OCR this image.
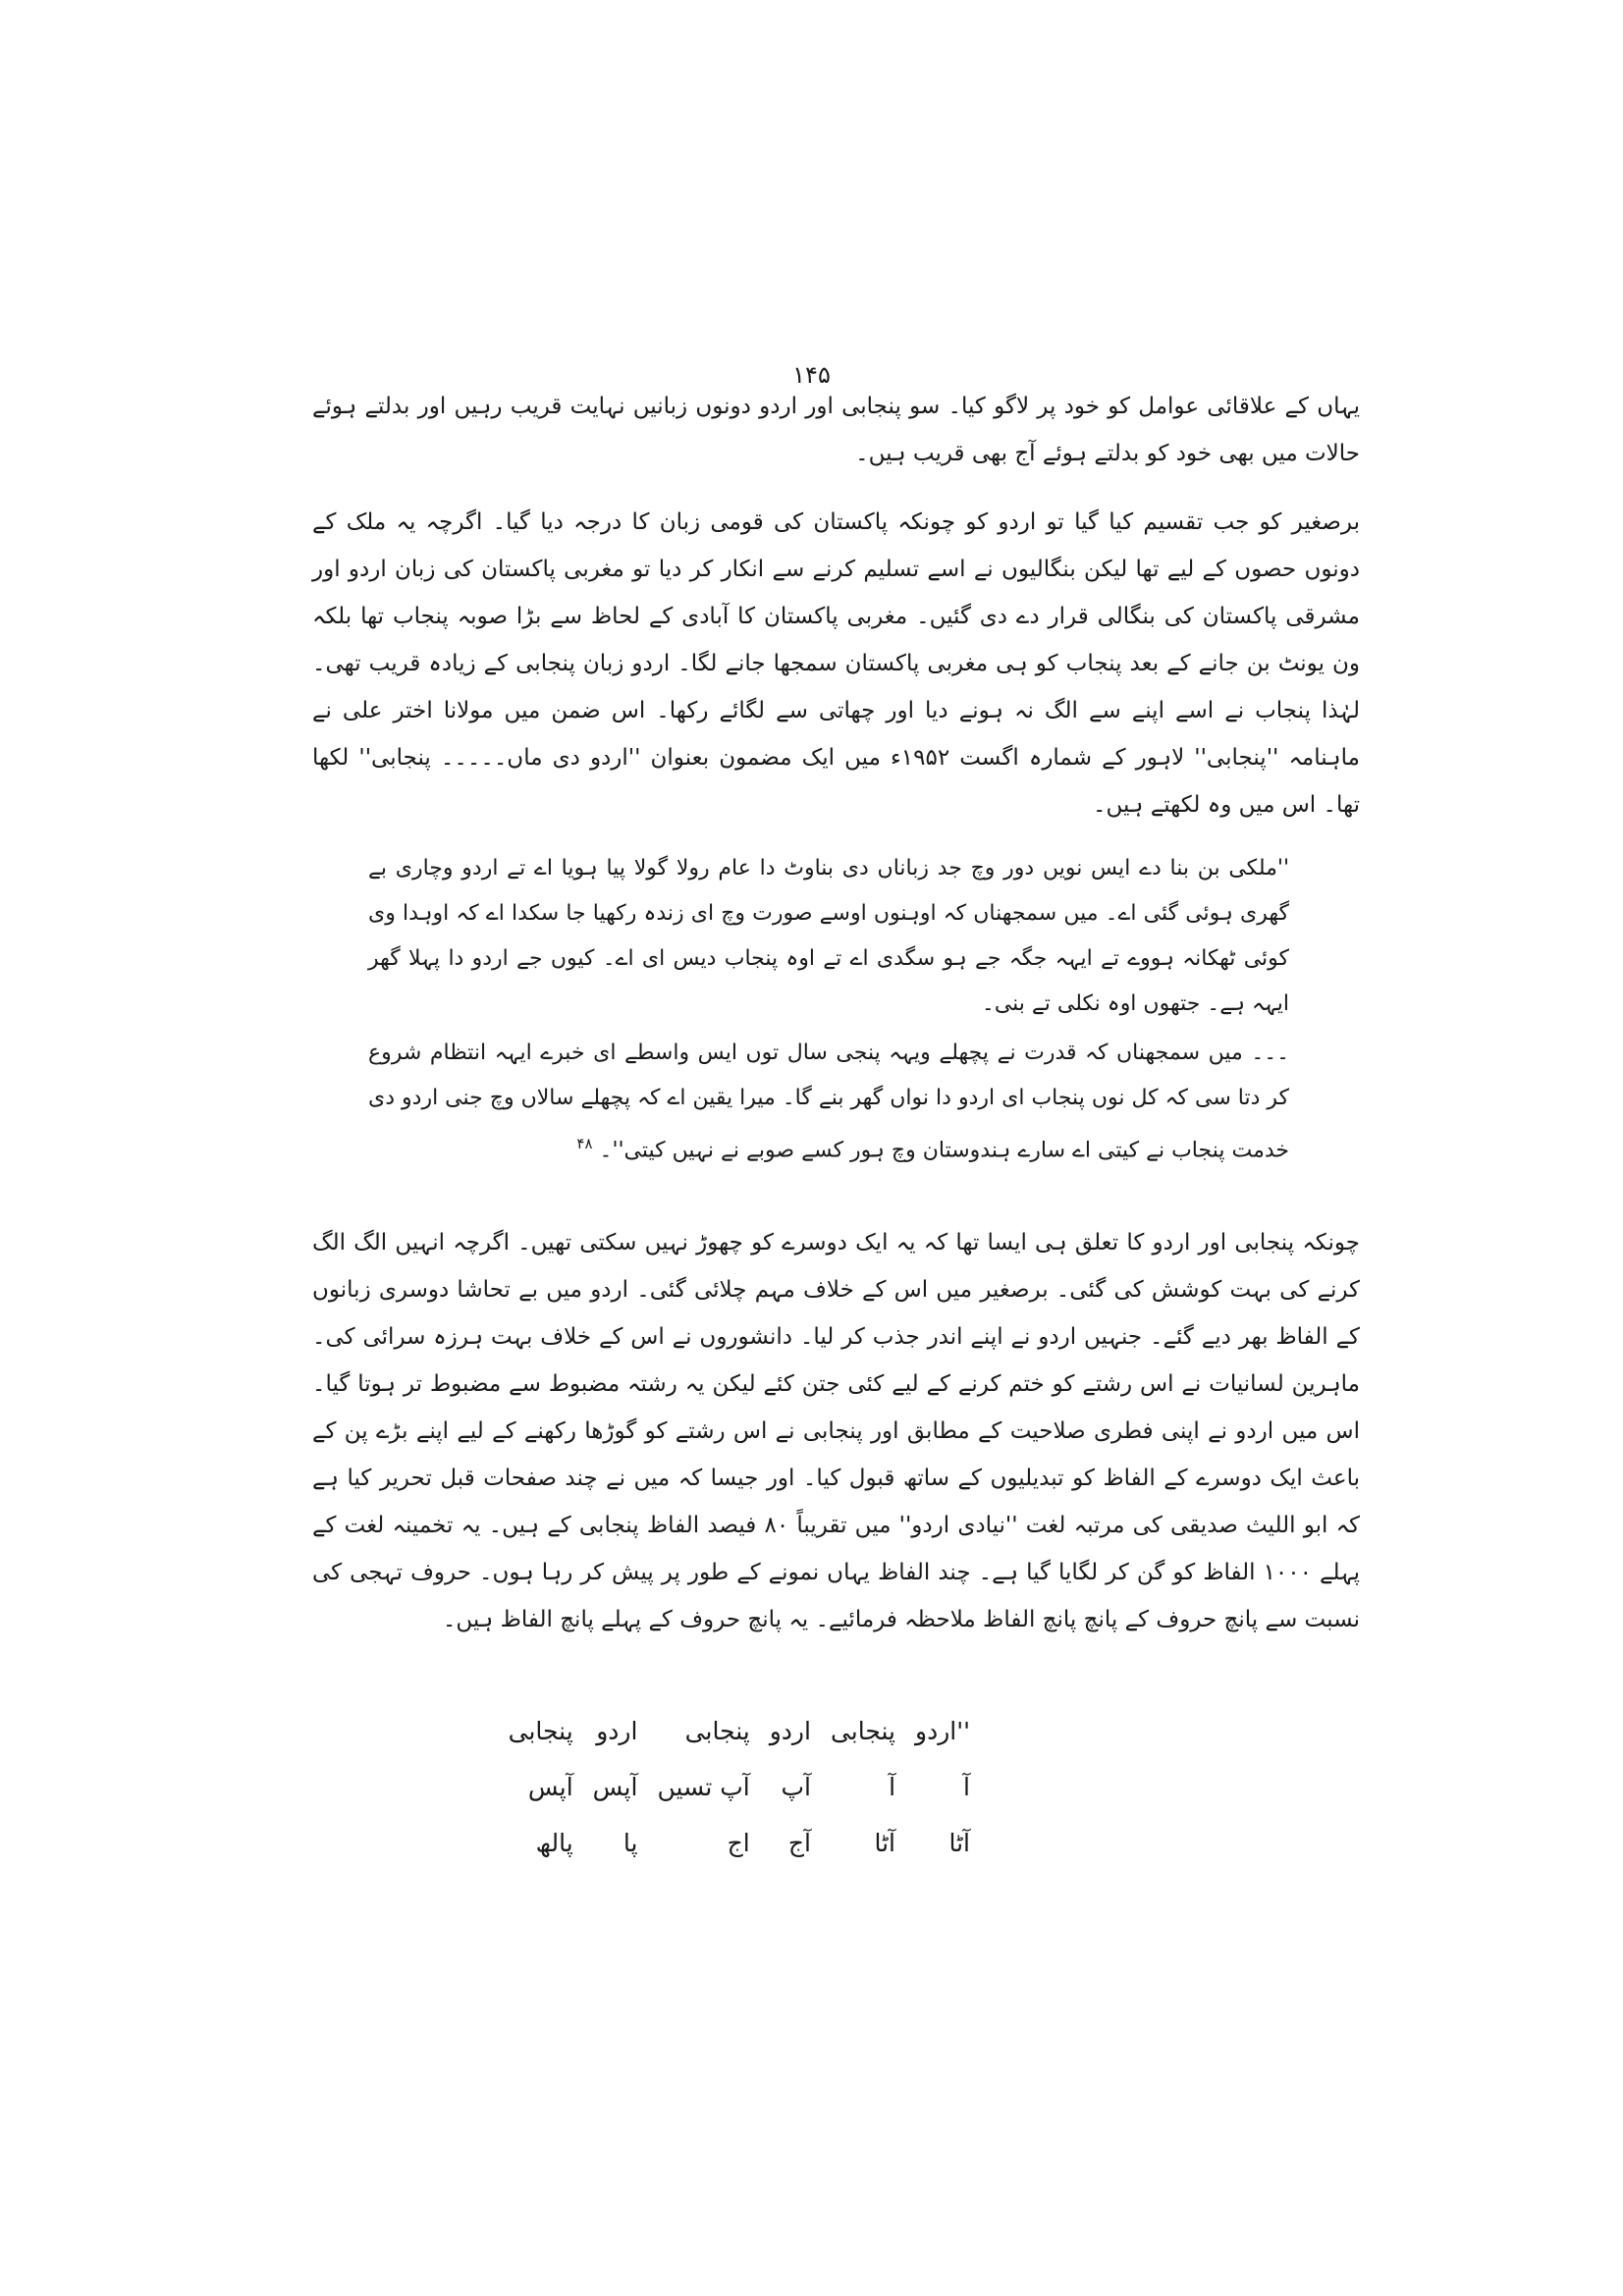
۱۴۵

یہاں کے علاقائی عوامل کو خود پر لاگو کیا۔ سو پنجابی اور اردو دونوں زبانیں نہایت قریب رہیں اور بدلتے ہوئے حالات میں بھی خود کو بدلتے ہوئے آج بھی قریب ہیں۔

برصغیر کو جب تقسیم کیا گیا تو اردو کو چونکہ پاکستان کی قومی زبان کا درجہ دیا گیا۔ اگرچہ یہ ملک کے دونوں حصوں کے لیے تھا لیکن بنگالیوں نے اسے تسلیم کرنے سے انکار کر دیا تو مغربی پاکستان کی زبان اردو اور مشرقی پاکستان کی بنگالی قرار دے دی گئیں۔ مغربی پاکستان کا آبادی کے لحاظ سے بڑا صوبہ پنجاب تھا بلکہ ون یونٹ بن جانے کے بعد پنجاب کو ہی مغربی پاکستان سمجھا جانے لگا۔ اردو زبان پنجابی کے زیادہ قریب تھی۔ لہٰذا پنجاب نے اسے اپنے سے الگ نہ ہونے دیا اور چھاتی سے لگائے رکھا۔ اس ضمن میں مولانا اختر علی نے ماہنامہ ''پنجابی'' لاہور کے شمارہ اگست ۱۹۵۲ء میں ایک مضمون بعنوان ''اردو دی ماں۔۔۔۔۔ پنجابی'' لکھا تھا۔ اس میں وہ لکھتے ہیں۔

''ملکی بن بنا دے ایس نویں دور وچ جد زباناں دی بناوٹ دا عام رولا گولا پیا ہویا اے تے اردو وچاری بے گھری ہوئی گئی اے۔ میں سمجھناں کہ اوہنوں اوسے صورت وچ ای زندہ رکھیا جا سکدا اے کہ اوہدا وی کوئی ٹھکانہ ہووے تے ایہہ جگہ جے ہو سگدی اے تے اوہ پنجاب دیس ای اے۔ کیوں جے اردو دا پہلا گھر ایہہ ہے۔ جتھوں اوہ نکلی تے بنی۔

۔۔۔ میں سمجھناں کہ قدرت نے پچھلے ویہہ پنجی سال توں ایس واسطے ای خبرے ایہہ انتظام شروع کر دتا سی کہ کل نوں پنجاب ای اردو دا نواں گھر بنے گا۔ میرا یقین اے کہ پچھلے سالاں وچ جنی اردو دی خدمت پنجاب نے کیتی اے سارے ہندوستان وچ ہور کسے صوبے نے نہیں کیتی''۔ $^{۴۸}$

چونکہ پنجابی اور اردو کا تعلق ہی ایسا تھا کہ یہ ایک دوسرے کو چھوڑ نہیں سکتی تھیں۔ اگرچہ انہیں الگ الگ کرنے کی بہت کوشش کی گئی۔ برصغیر میں اس کے خلاف مہم چلائی گئی۔ اردو میں بے تحاشا دوسری زبانوں کے الفاظ بھر دیے گئے۔ جنہیں اردو نے اپنے اندر جذب کر لیا۔ دانشوروں نے اس کے خلاف بہت ہرزہ سرائی کی۔ ماہرین لسانیات نے اس رشتے کو ختم کرنے کے لیے کئی جتن کئے لیکن یہ رشتہ مضبوط سے مضبوط تر ہوتا گیا۔ اس میں اردو نے اپنی فطری صلاحیت کے مطابق اور پنجابی نے اس رشتے کو گوڑھا رکھنے کے لیے اپنے بڑے پن کے باعث ایک دوسرے کے الفاظ کو تبدیلیوں کے ساتھ قبول کیا۔ اور جیسا کہ میں نے چند صفحات قبل تحریر کیا ہے کہ ابو اللیث صدیقی کی مرتبہ لغت ''نیادی اردو'' میں تقریباً ۸۰ فیصد الفاظ پنجابی کے ہیں۔ یہ تخمینہ لغت کے پہلے ۱۰۰۰ الفاظ کو گن کر لگایا گیا ہے۔ چند الفاظ یہاں نمونے کے طور پر پیش کر رہا ہوں۔ حروف تہجی کی نسبت سے پانچ حروف کے پانچ پانچ الفاظ ملاحظہ فرمائیے۔ یہ پانچ حروف کے پہلے پانچ الفاظ ہیں۔

''اردو	پنجابی	اردو	پنجابی	اردو	پنجابی
آ	آ	آپ	آپ تسیں	آپس	آپس
آٹا	آٹا	آج	اج	پا	پالھ
